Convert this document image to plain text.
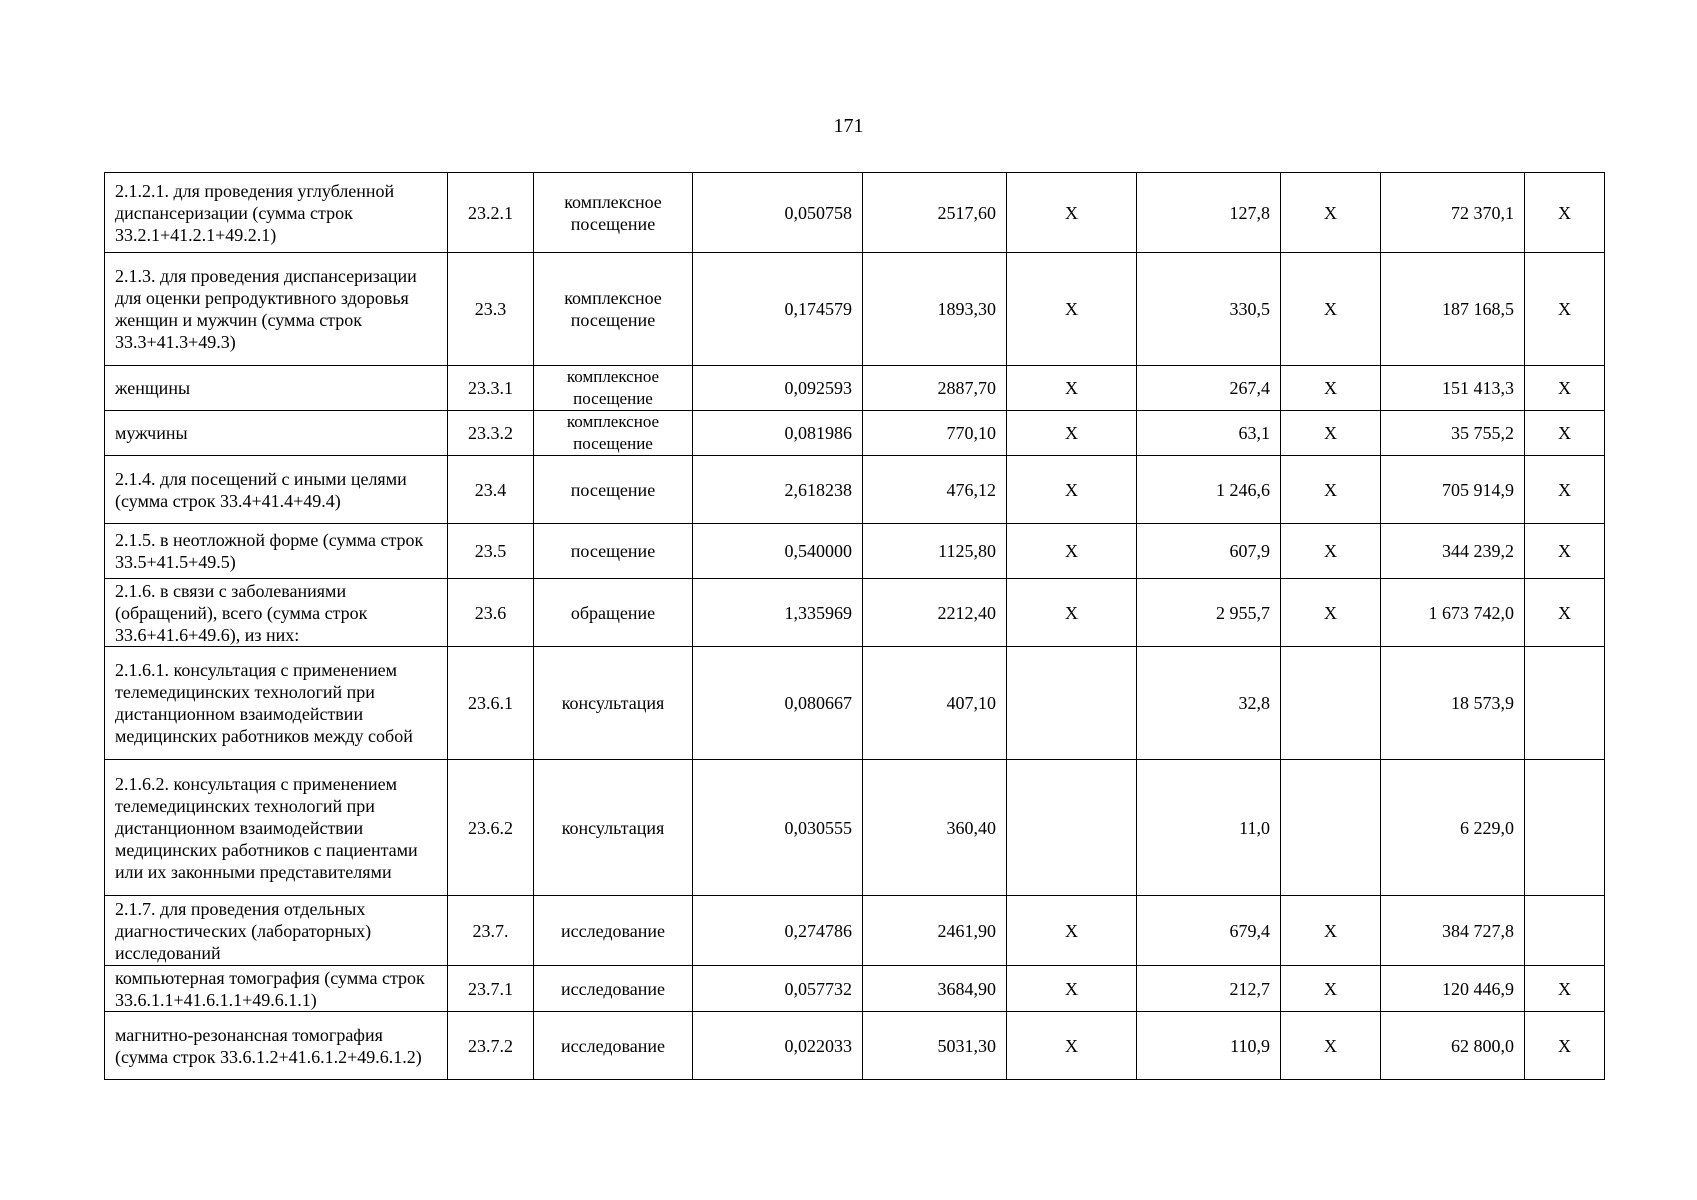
171
2.1.2.1. для проведения углубленной диспансеризации (сумма строк 33.2.1+41.2.1+49.2.1)	23.2.1	комплексное посещение	0,050758	2517,60	X	127,8	X	72 370,1	X
2.1.3. для проведения диспансеризации для оценки репродуктивного здоровья женщин и мужчин (сумма строк 33.3+41.3+49.3)	23.3	комплексное посещение	0,174579	1893,30	X	330,5	X	187 168,5	X
женщины	23.3.1	комплексное посещение	0,092593	2887,70	X	267,4	X	151 413,3	X
мужчины	23.3.2	комплексное посещение	0,081986	770,10	X	63,1	X	35 755,2	X
2.1.4. для посещений с иными целями (сумма строк 33.4+41.4+49.4)	23.4	посещение	2,618238	476,12	X	1 246,6	X	705 914,9	X
2.1.5. в неотложной форме (сумма строк 33.5+41.5+49.5)	23.5	посещение	0,540000	1125,80	X	607,9	X	344 239,2	X
2.1.6. в связи с заболеваниями (обращений), всего (сумма строк 33.6+41.6+49.6), из них:	23.6	обращение	1,335969	2212,40	X	2 955,7	X	1 673 742,0	X
2.1.6.1. консультация с применением телемедицинских технологий при дистанционном взаимодействии медицинских работников между собой	23.6.1	консультация	0,080667	407,10		32,8		18 573,9	
2.1.6.2. консультация с применением телемедицинских технологий при дистанционном взаимодействии медицинских работников с пациентами или их законными представителями	23.6.2	консультация	0,030555	360,40		11,0		6 229,0	
2.1.7. для проведения отдельных диагностических (лабораторных) исследований	23.7.	исследование	0,274786	2461,90	X	679,4	X	384 727,8	
компьютерная томография (сумма строк 33.6.1.1+41.6.1.1+49.6.1.1)	23.7.1	исследование	0,057732	3684,90	X	212,7	X	120 446,9	X
магнитно-резонансная томография (сумма строк 33.6.1.2+41.6.1.2+49.6.1.2)	23.7.2	исследование	0,022033	5031,30	X	110,9	X	62 800,0	X
